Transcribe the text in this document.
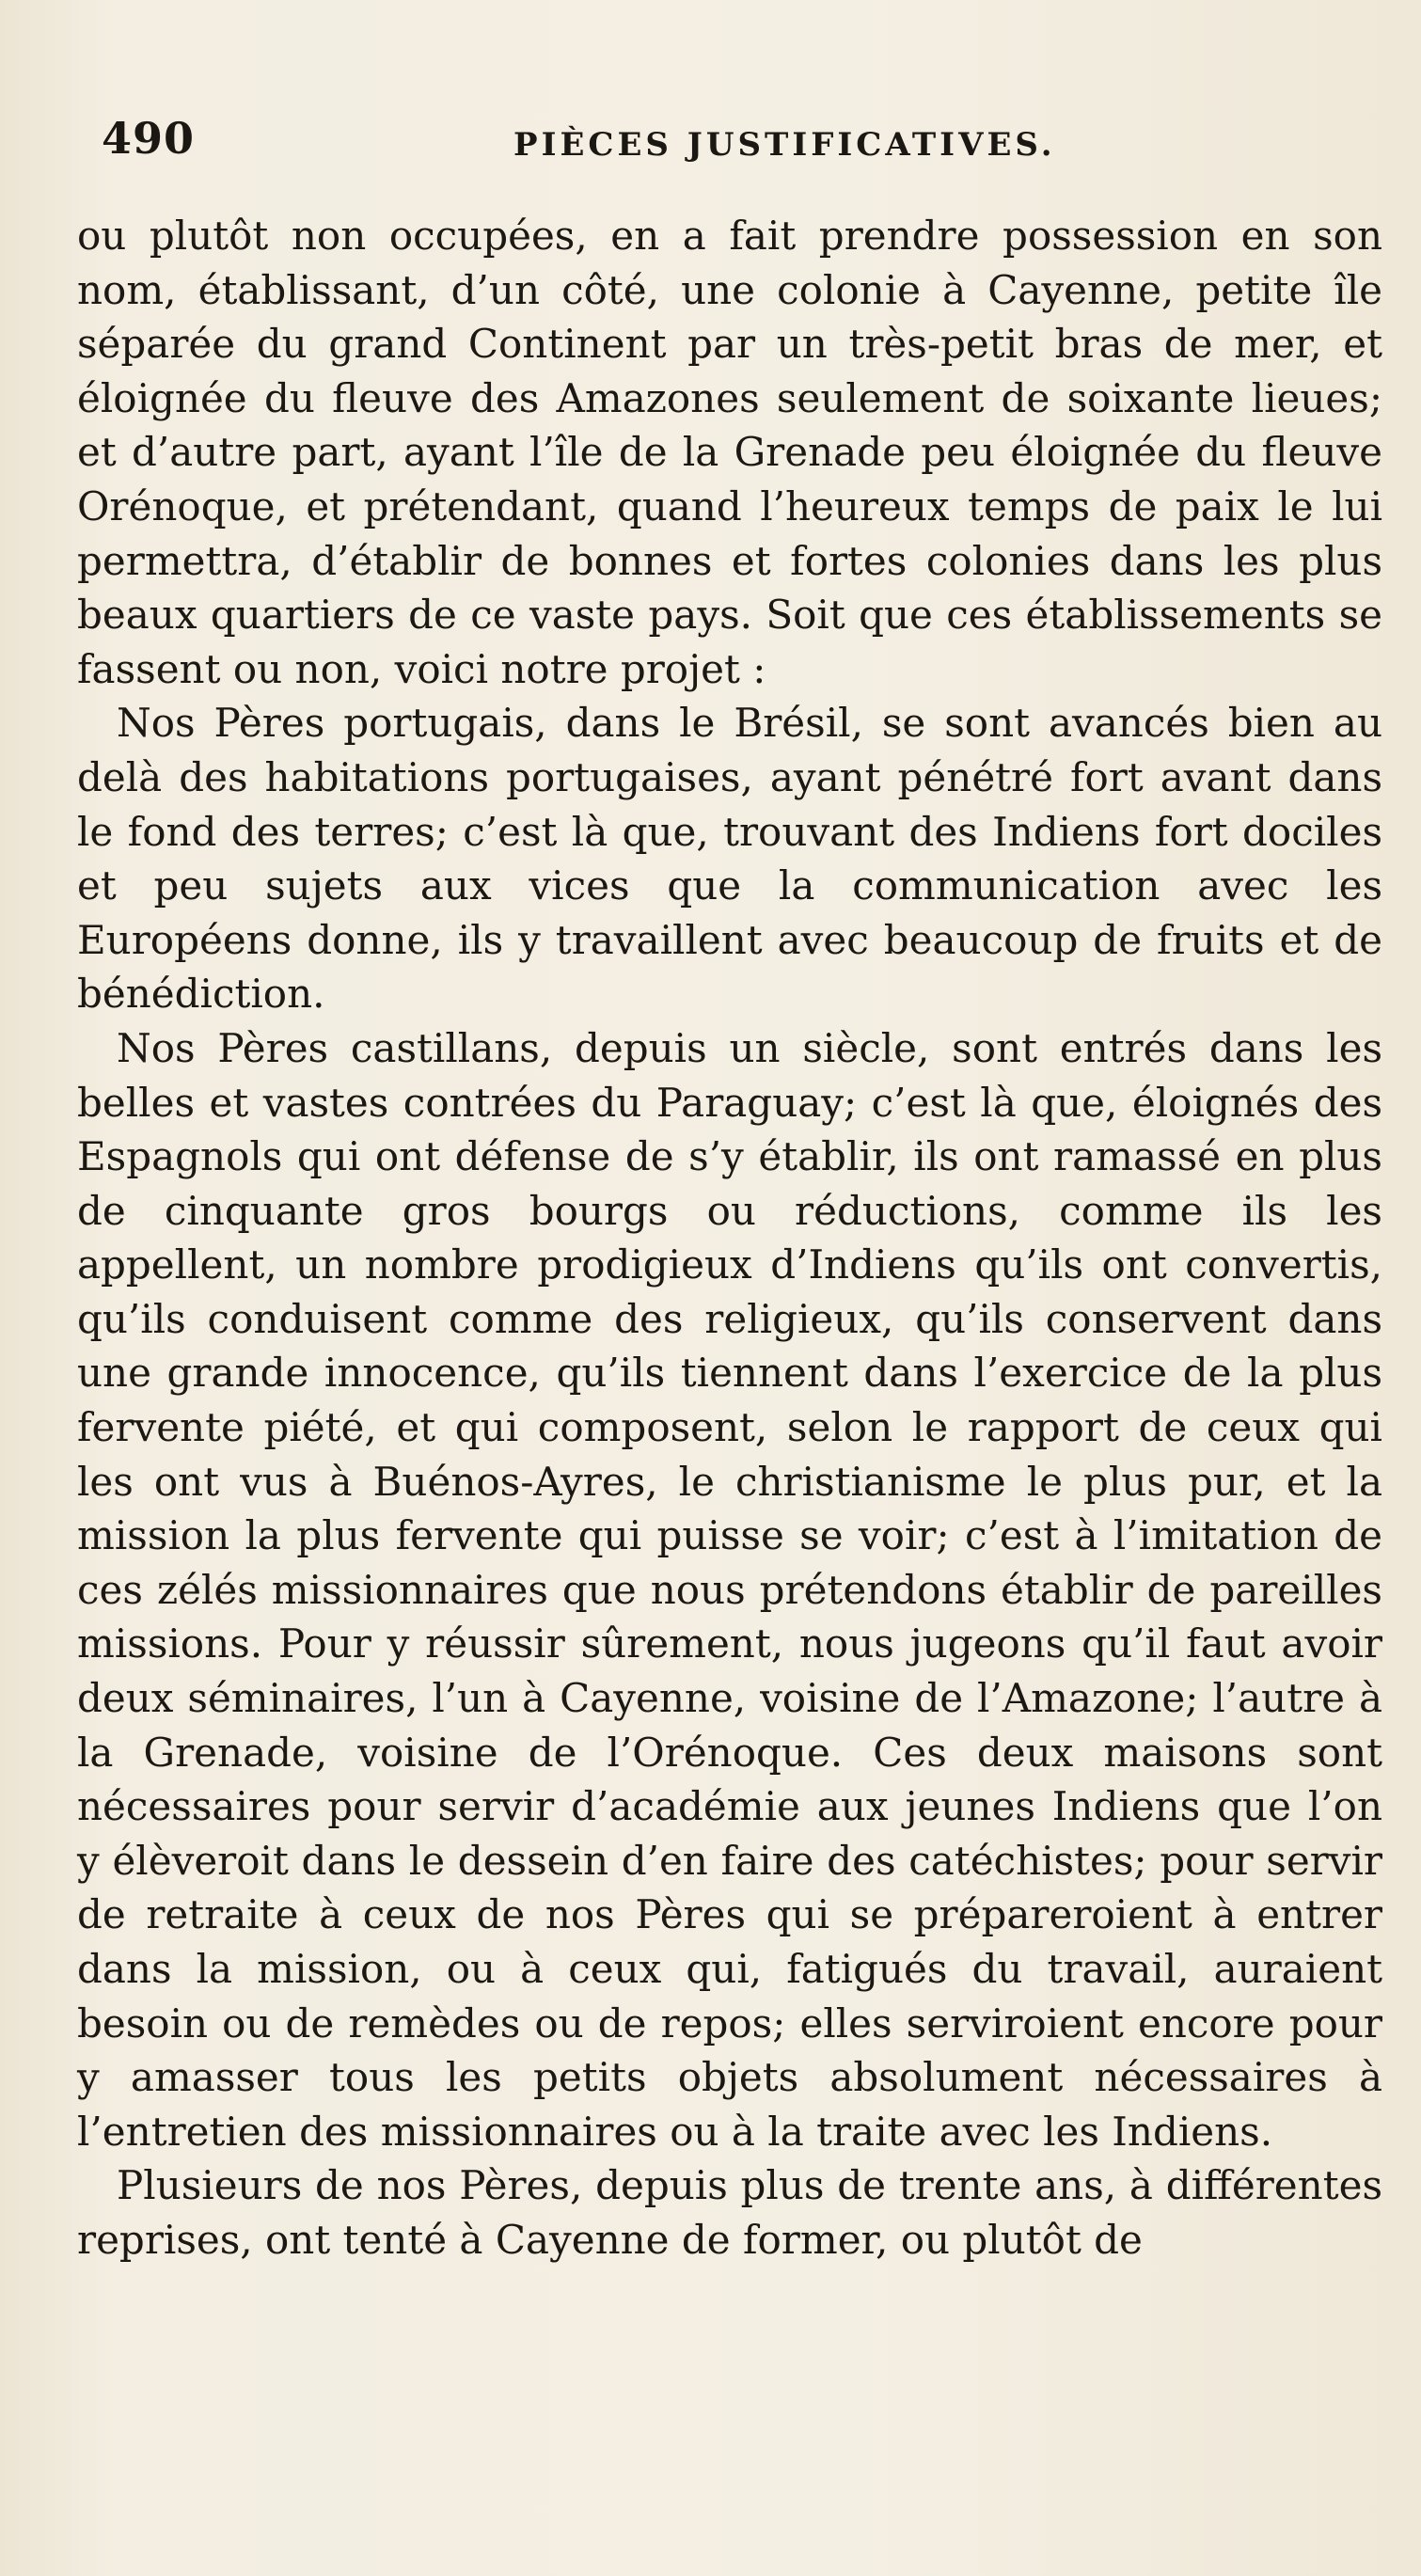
490	PIÈCES JUSTIFICATIVES.

ou plutôt non occupées, en a fait prendre possession en son nom, établissant, d’un côté, une colonie à Cayenne, petite île séparée du grand Continent par un très-petit bras de mer, et éloignée du fleuve des Amazones seulement de soixante lieues; et d’autre part, ayant l’île de la Grenade peu éloignée du fleuve Orénoque, et prétendant, quand l’heureux temps de paix le lui permettra, d’établir de bonnes et fortes colonies dans les plus beaux quartiers de ce vaste pays. Soit que ces établissements se fassent ou non, voici notre projet :

Nos Pères portugais, dans le Brésil, se sont avancés bien au delà des habitations portugaises, ayant pénétré fort avant dans le fond des terres; c’est là que, trouvant des Indiens fort dociles et peu sujets aux vices que la communication avec les Européens donne, ils y travaillent avec beaucoup de fruits et de bénédiction.

Nos Pères castillans, depuis un siècle, sont entrés dans les belles et vastes contrées du Paraguay; c’est là que, éloignés des Espagnols qui ont défense de s’y établir, ils ont ramassé en plus de cinquante gros bourgs ou réductions, comme ils les appellent, un nombre prodigieux d’Indiens qu’ils ont convertis, qu’ils conduisent comme des religieux, qu’ils conservent dans une grande innocence, qu’ils tiennent dans l’exercice de la plus fervente piété, et qui composent, selon le rapport de ceux qui les ont vus à Buénos-Ayres, le christianisme le plus pur, et la mission la plus fervente qui puisse se voir; c’est à l’imitation de ces zélés missionnaires que nous prétendons établir de pareilles missions. Pour y réussir sûrement, nous jugeons qu’il faut avoir deux séminaires, l’un à Cayenne, voisine de l’Amazone; l’autre à la Grenade, voisine de l’Orénoque. Ces deux maisons sont nécessaires pour servir d’académie aux jeunes Indiens que l’on y élèveroit dans le dessein d’en faire des catéchistes; pour servir de retraite à ceux de nos Pères qui se prépareroient à entrer dans la mission, ou à ceux qui, fatigués du travail, auraient besoin ou de remèdes ou de repos; elles serviroient encore pour y amasser tous les petits objets absolument nécessaires à l’entretien des missionnaires ou à la traite avec les Indiens.

Plusieurs de nos Pères, depuis plus de trente ans, à différentes reprises, ont tenté à Cayenne de former, ou plutôt de
